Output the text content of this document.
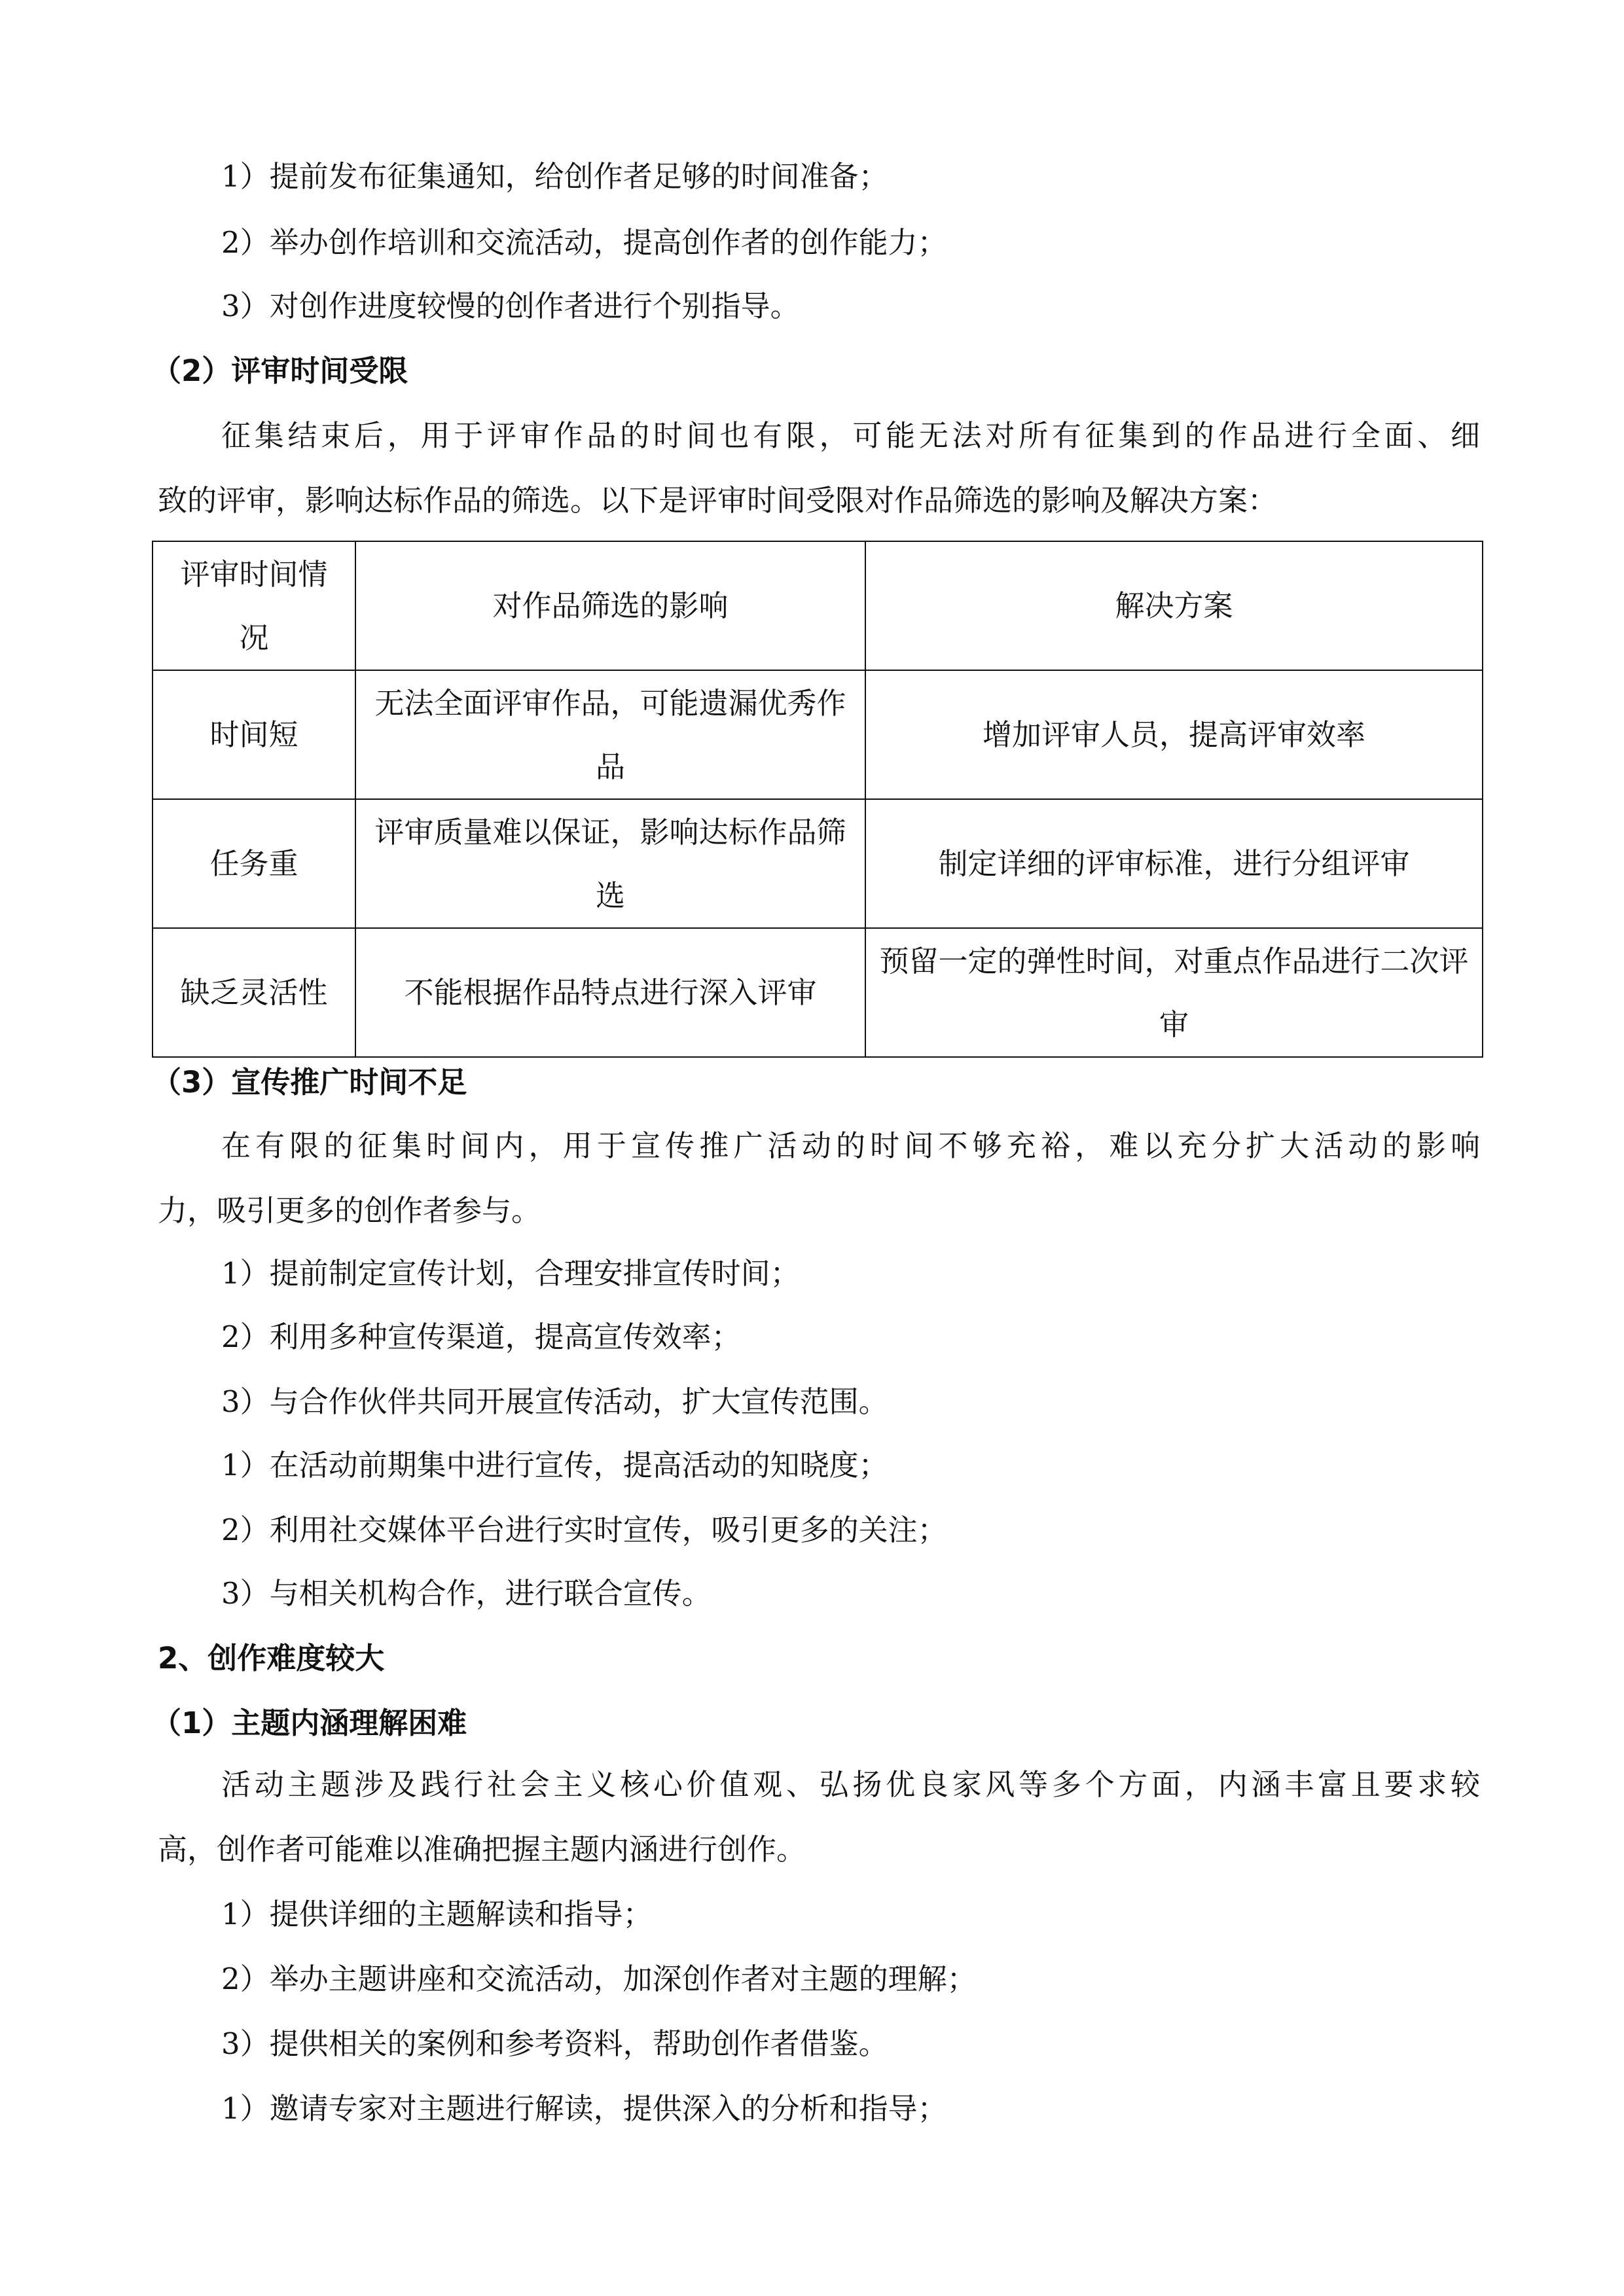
1）提前发布征集通知，给创作者足够的时间准备；
2）举办创作培训和交流活动，提高创作者的创作能力；
3）对创作进度较慢的创作者进行个别指导。
（2）评审时间受限
征集结束后，用于评审作品的时间也有限，可能无法对所有征集到的作品进行全面、细
致的评审，影响达标作品的筛选。以下是评审时间受限对作品筛选的影响及解决方案：
评审时间情况	对作品筛选的影响	解决方案
时间短	无法全面评审作品，可能遗漏优秀作品	增加评审人员，提高评审效率
任务重	评审质量难以保证，影响达标作品筛选	制定详细的评审标准，进行分组评审
缺乏灵活性	不能根据作品特点进行深入评审	预留一定的弹性时间，对重点作品进行二次评审
（3）宣传推广时间不足
在有限的征集时间内，用于宣传推广活动的时间不够充裕，难以充分扩大活动的影响
力，吸引更多的创作者参与。
1）提前制定宣传计划，合理安排宣传时间；
2）利用多种宣传渠道，提高宣传效率；
3）与合作伙伴共同开展宣传活动，扩大宣传范围。
1）在活动前期集中进行宣传，提高活动的知晓度；
2）利用社交媒体平台进行实时宣传，吸引更多的关注；
3）与相关机构合作，进行联合宣传。
2、创作难度较大
（1）主题内涵理解困难
活动主题涉及践行社会主义核心价值观、弘扬优良家风等多个方面，内涵丰富且要求较
高，创作者可能难以准确把握主题内涵进行创作。
1）提供详细的主题解读和指导；
2）举办主题讲座和交流活动，加深创作者对主题的理解；
3）提供相关的案例和参考资料，帮助创作者借鉴。
1）邀请专家对主题进行解读，提供深入的分析和指导；
